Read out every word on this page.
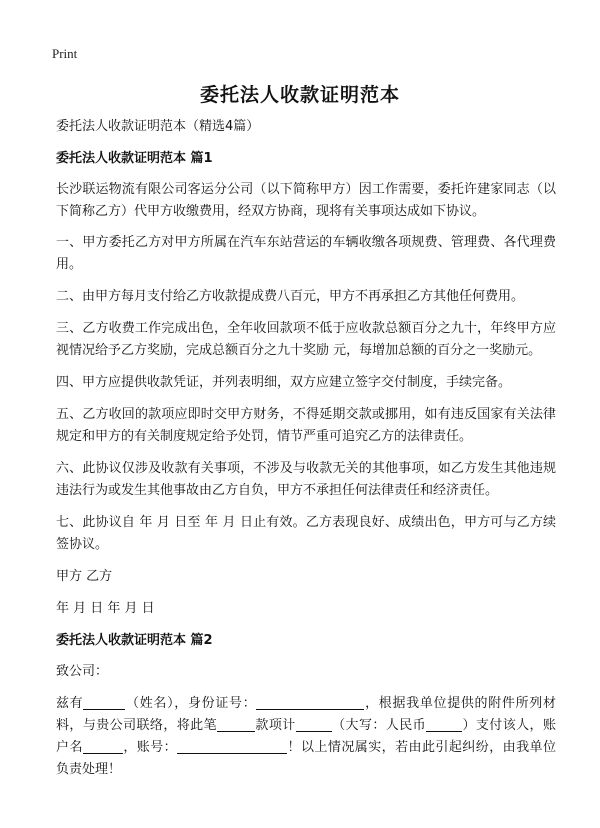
Print
委托法人收款证明范本

委托法人收款证明范本（精选4篇）

委托法人收款证明范本 篇1

长沙联运物流有限公司客运分公司（以下简称甲方）因工作需要，委托许建家同志（以下简称乙方）代甲方收缴费用，经双方协商，现将有关事项达成如下协议。

一、甲方委托乙方对甲方所属在汽车东站营运的车辆收缴各项规费、管理费、各代理费用。

二、由甲方每月支付给乙方收款提成费八百元，甲方不再承担乙方其他任何费用。

三、乙方收费工作完成出色，全年收回款项不低于应收款总额百分之九十，年终甲方应视情况给予乙方奖励，完成总额百分之九十奖励 元，每增加总额的百分之一奖励元。

四、甲方应提供收款凭证，并列表明细，双方应建立签字交付制度，手续完备。

五、乙方收回的款项应即时交甲方财务，不得延期交款或挪用，如有违反国家有关法律规定和甲方的有关制度规定给予处罚，情节严重可追究乙方的法律责任。

六、此协议仅涉及收款有关事项，不涉及与收款无关的其他事项，如乙方发生其他违规违法行为或发生其他事故由乙方自负，甲方不承担任何法律责任和经济责任。

七、此协议自 年 月 日至 年 月 日止有效。乙方表现良好、成绩出色，甲方可与乙方续签协议。

甲方 乙方

年 月 日 年 月 日

委托法人收款证明范本 篇2

致公司：

兹有	（姓名），身份证号：	，根据我单位提供的附件所列材料，与贵公司联络，将此笔	款项计	（大写：人民币	）支付该人，账户名	，账号：	！以上情况属实，若由此引起纠纷，由我单位负责处理！
